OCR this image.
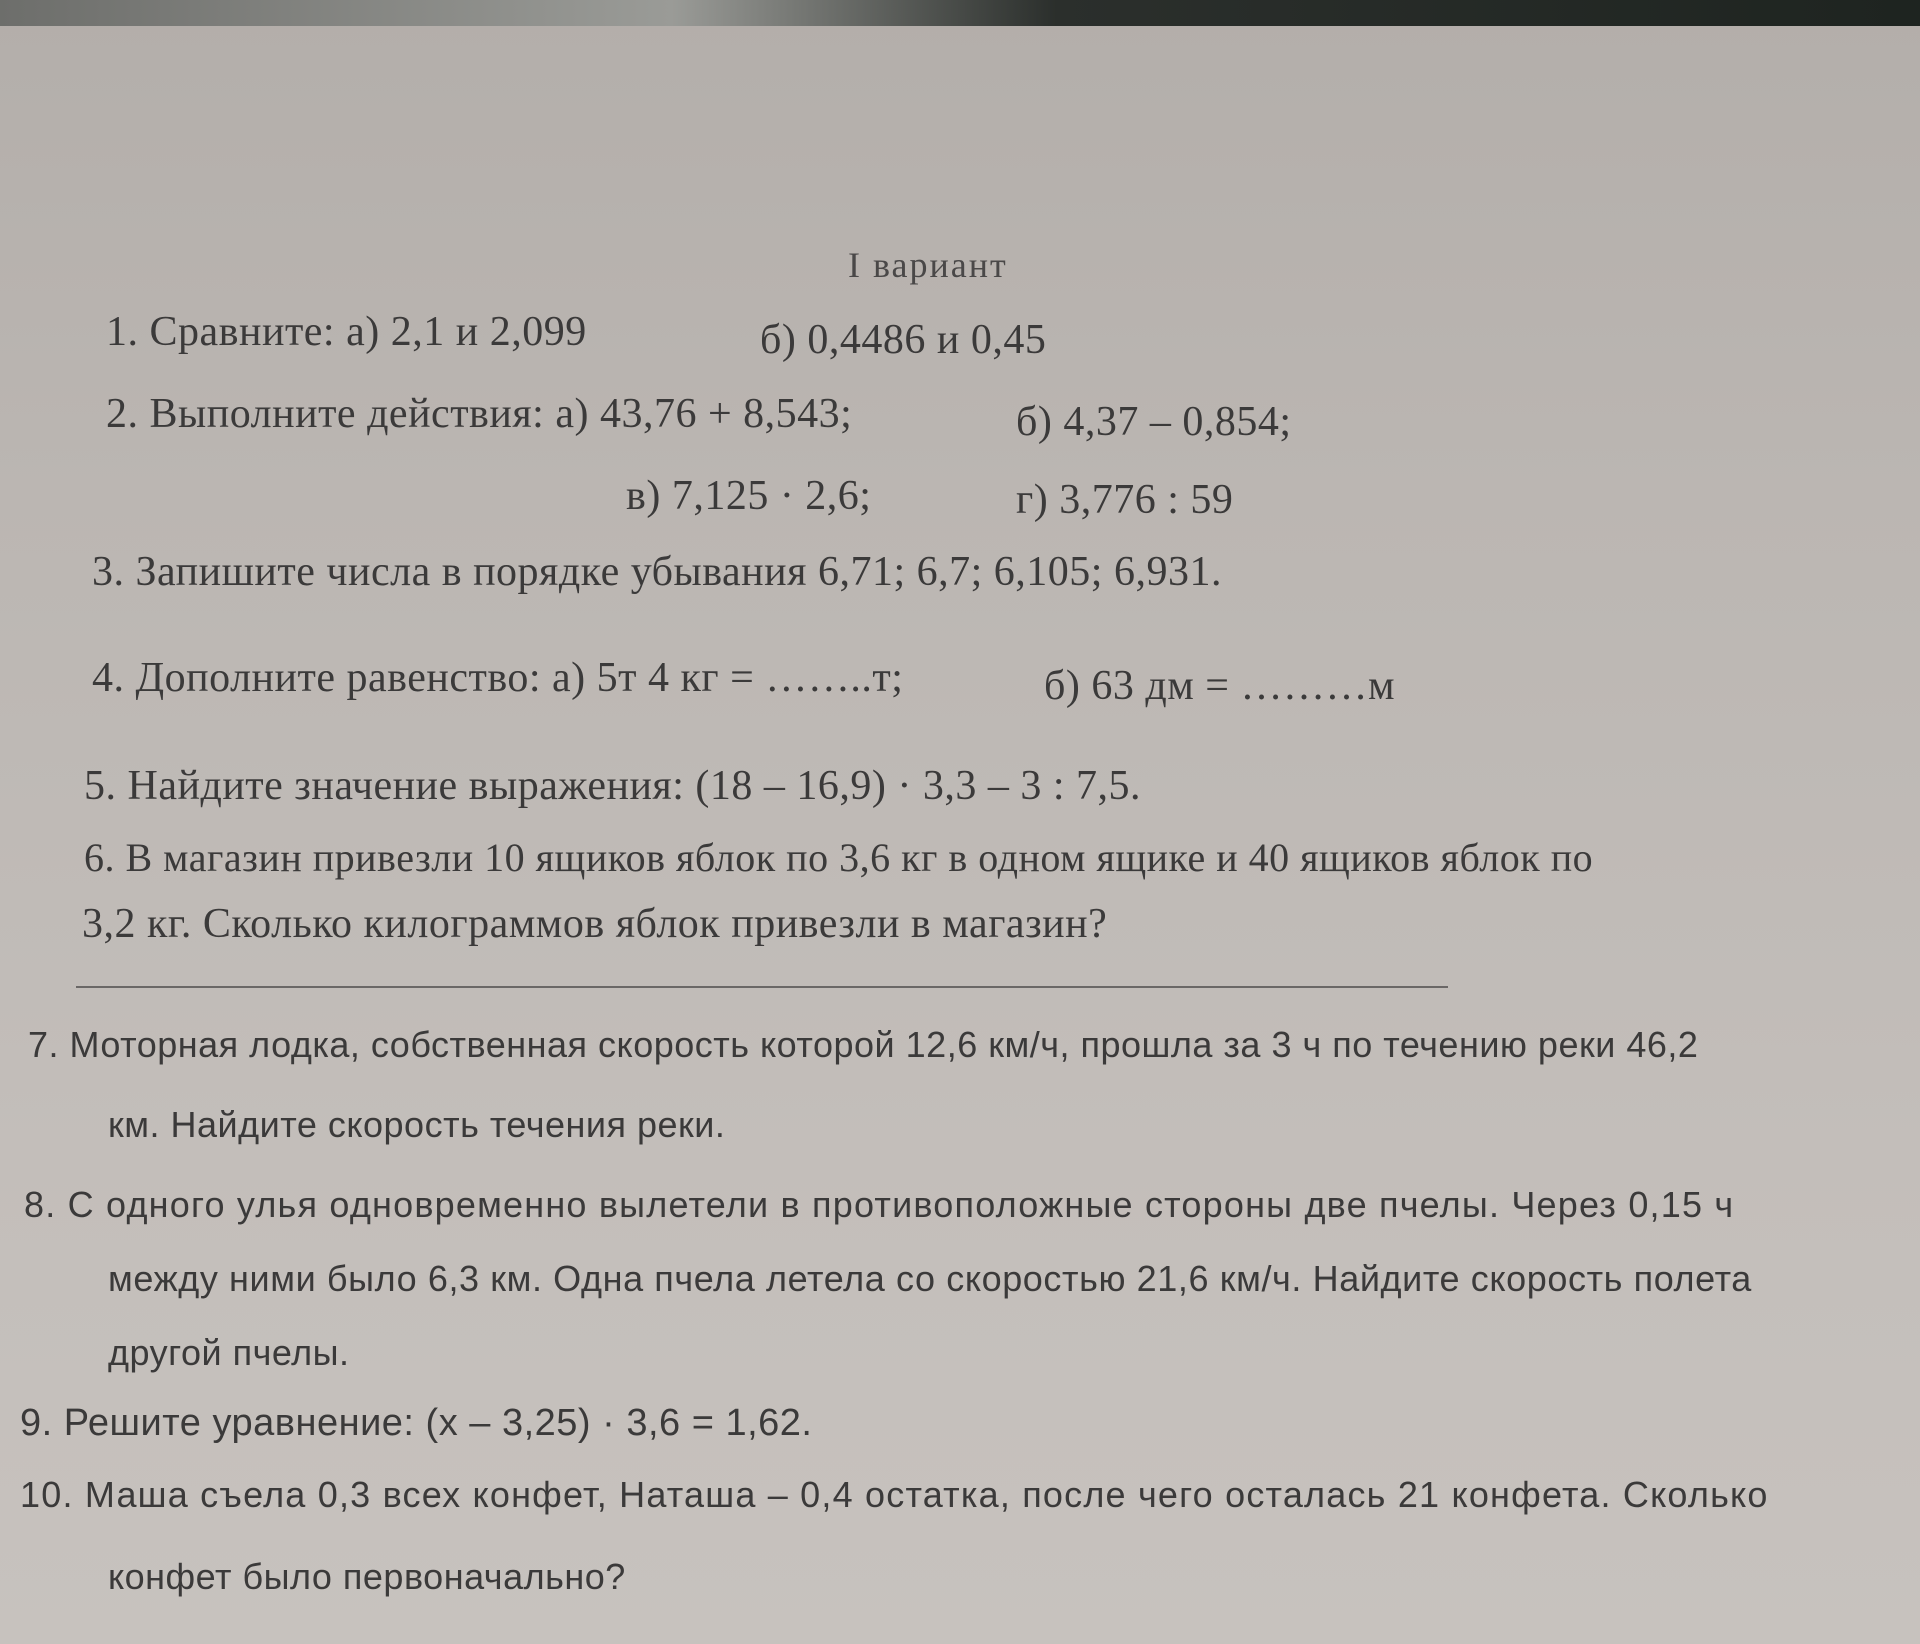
I вариант
1. Сравните: а) 2,1 и 2,099	б) 0,4486 и 0,45
2. Выполните действия: а) 43,76 + 8,543;	б) 4,37 – 0,854;
в) 7,125 · 2,6;	г) 3,776 : 59
3. Запишите числа в порядке убывания 6,71; 6,7; 6,105; 6,931.
4. Дополните равенство: а) 5т 4 кг = ……..т;	б) 63 дм = ………м
5. Найдите значение выражения: (18 – 16,9) · 3,3 – 3 : 7,5.
6. В магазин привезли 10 ящиков яблок по 3,6 кг в одном ящике и 40 ящиков яблок по
3,2 кг. Сколько килограммов яблок привезли в магазин?
7. Моторная лодка, собственная скорость которой 12,6 км/ч, прошла за 3 ч по течению реки 46,2
км. Найдите скорость течения реки.
8. С одного улья одновременно вылетели в противоположные стороны две пчелы. Через 0,15 ч
между ними было 6,3 км. Одна пчела летела со скоростью 21,6 км/ч. Найдите скорость полета
другой пчелы.
9. Решите уравнение: (х – 3,25) · 3,6 = 1,62.
10. Маша съела 0,3 всех конфет, Наташа – 0,4 остатка, после чего осталась 21 конфета. Сколько
конфет было первоначально?
